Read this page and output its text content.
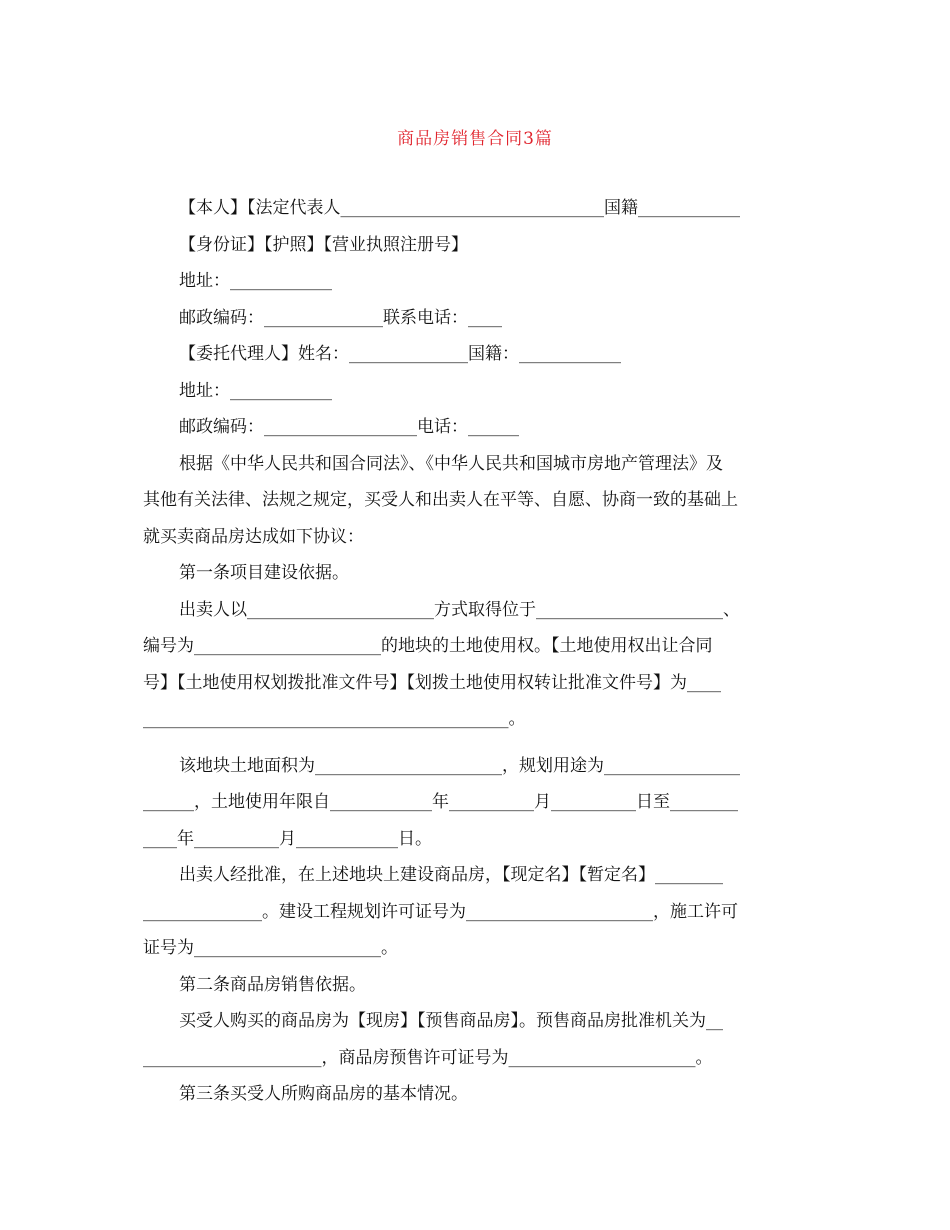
商品房销售合同3篇
【本人】【法定代表人_______________________________国籍____________
【身份证】【护照】【营业执照注册号】
地址：____________
邮政编码：______________联系电话：____
【委托代理人】姓名：______________国籍：____________
地址：____________
邮政编码：__________________电话：______
根据《中华人民共和国合同法》、《中华人民共和国城市房地产管理法》及
其他有关法律、法规之规定，买受人和出卖人在平等、自愿、协商一致的基础上
就买卖商品房达成如下协议：
第一条项目建设依据。
出卖人以______________________方式取得位于______________________、
编号为______________________的地块的土地使用权。【土地使用权出让合同
号】【土地使用权划拨批准文件号】【划拨土地使用权转让批准文件号】为____
___________________________________________。
该地块土地面积为______________________，规划用途为________________
______，土地使用年限自____________年__________月__________日至________
____年__________月____________日。
出卖人经批准，在上述地块上建设商品房，【现定名】【暂定名】________
______________。建设工程规划许可证号为______________________，施工许可
证号为______________________。
第二条商品房销售依据。
买受人购买的商品房为【现房】【预售商品房】。预售商品房批准机关为__
_____________________，商品房预售许可证号为______________________。
第三条买受人所购商品房的基本情况。
